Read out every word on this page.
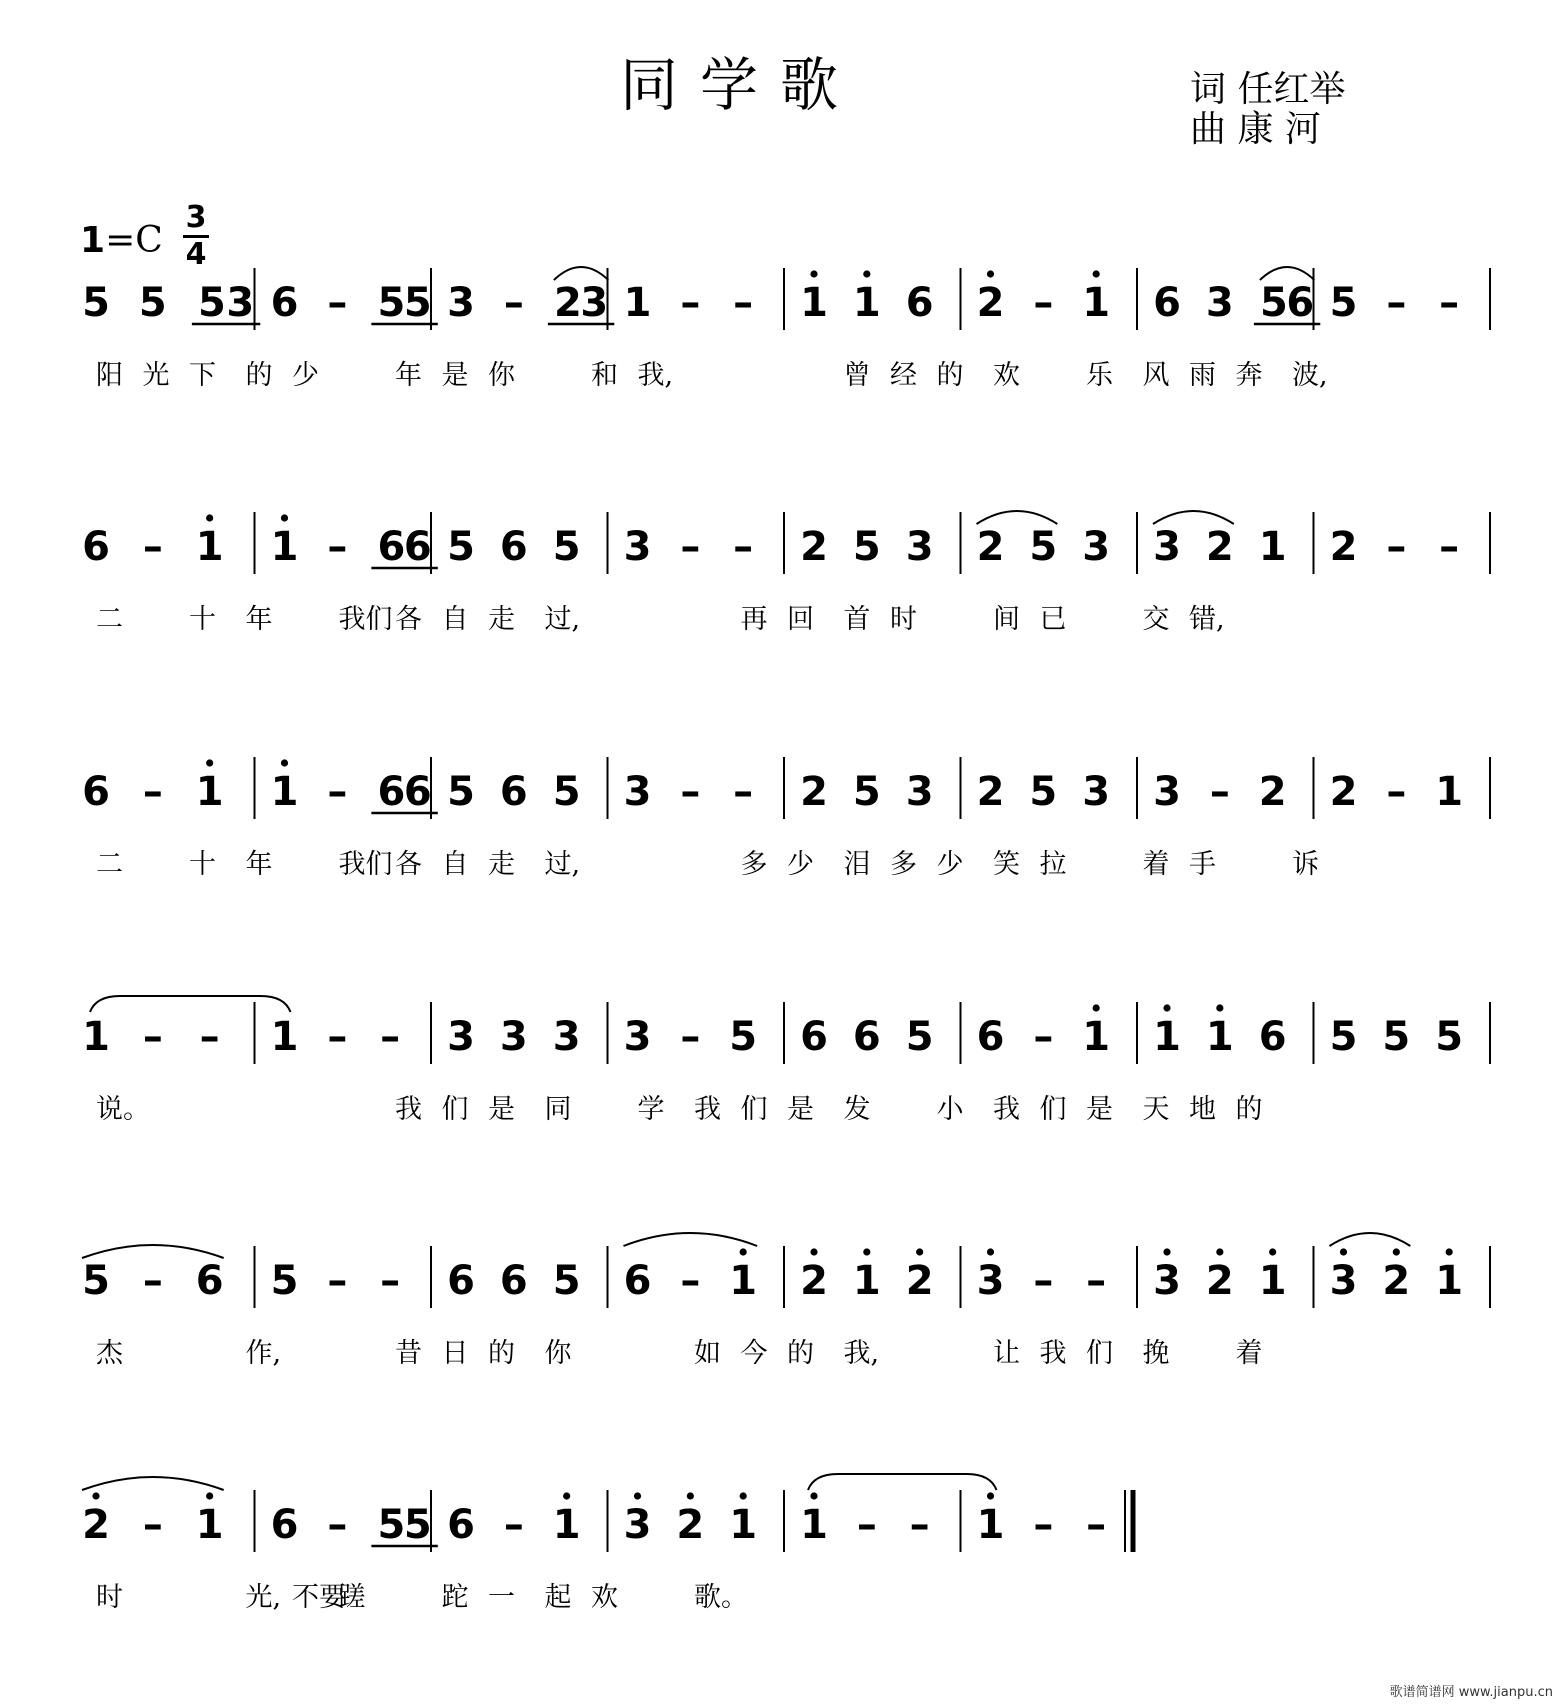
同学歌	词 任红举
曲 康 河
1=C
3
4
5 5 5 3 6 – 5
5 3 – 2
3 1 – – 1 1 6 2 – 1 6 3 5
6 5 – –
阳 光 下 的 少	年 是 你	和 我,	曾 经 的 欢 乐 风 雨 奔 波,
6 – 1 1 – 6
6 5 6 5 3 – – 2 5 3 2 5 3 3 2 1 2 – –
二 十 年 我们 各 自 走 过,	再 回 首 时	间 已	交 错,
6 – 1 1 – 6
6 5 6 5 3 – – 2 5 3 2 5 3 3 – 2 2 – 1
二 十 年 我们 各 自 走 过,	多 少 泪 多 少 笑 拉	着 手	诉
1 – – 1 – – 3 3 3 3 – 5 6 6 5 6 – 1 1 1 6 5 5 5
说。	我 们 是 同 学 我 们 是 发 小 我 们 是 天 地 的
5 – 6 5 – – 6 6 5 6 – 1 2 1 2 3 – – 3 2 1 3 2 1
杰	作,	昔 日 的 你	如 今 的 我,	让 我 们 挽 着
2 – 1 6 – 5
5 6 – 1 3 2 1 1 – – 1 – –
时	光, 不要
蹉	跎 一 起 欢	歌。
歌谱简谱网 www.jianpu.cn
